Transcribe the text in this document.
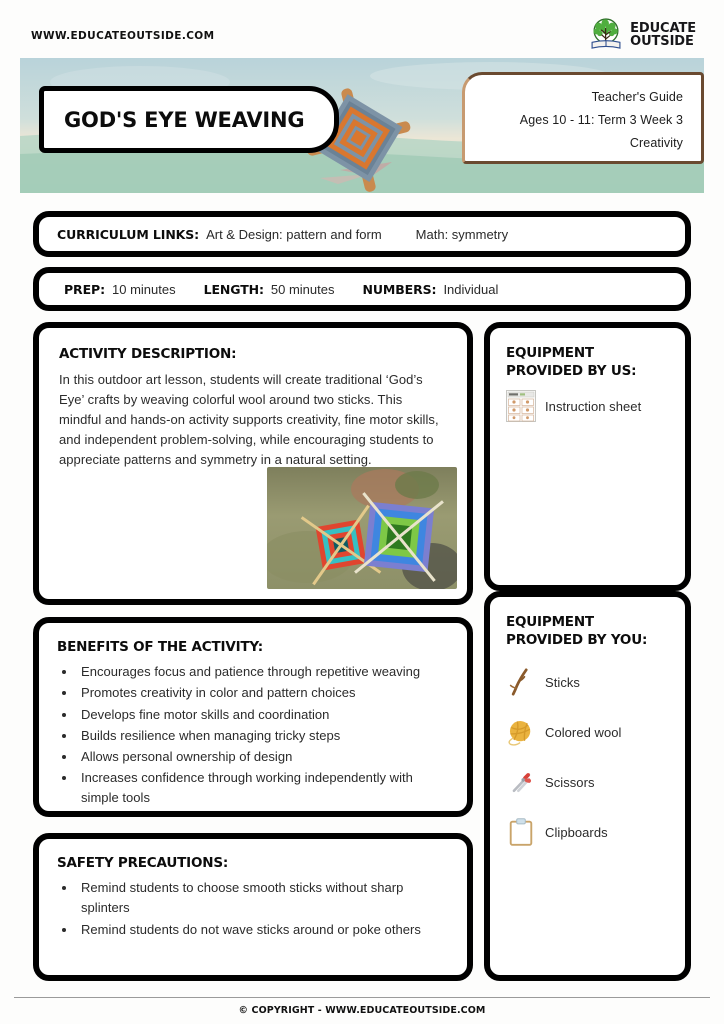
WWW.EDUCATEOUTSIDE.COM	EDUCATE
OUTSIDE
GOD'S EYE WEAVING
Teacher's Guide
Ages 10 - 11: Term 3 Week 3
Creativity
CURRICULUM LINKS: Art & Design: pattern and form	Math: symmetry
PREP: 10 minutes LENGTH: 50 minutes NUMBERS: Individual
ACTIVITY DESCRIPTION:
In this outdoor art lesson, students will create traditional ‘God’s Eye’ crafts by weaving colorful wool around two sticks. This mindful and hands-on activity supports creativity, fine motor skills, and independent problem-solving, while encouraging students to appreciate patterns and symmetry in a natural setting.
BENEFITS OF THE ACTIVITY:
• Encourages focus and patience through repetitive weaving
• Promotes creativity in color and pattern choices
• Develops fine motor skills and coordination
• Builds resilience when managing tricky steps
• Allows personal ownership of design
• Increases confidence through working independently with simple tools
SAFETY PRECAUTIONS:
• Remind students to choose smooth sticks without sharp splinters
• Remind students do not wave sticks around or poke others
EQUIPMENT
PROVIDED BY US:
Instruction sheet
EQUIPMENT
PROVIDED BY YOU:
Sticks
Colored wool
Scissors
Clipboards
© COPYRIGHT - WWW.EDUCATEOUTSIDE.COM
